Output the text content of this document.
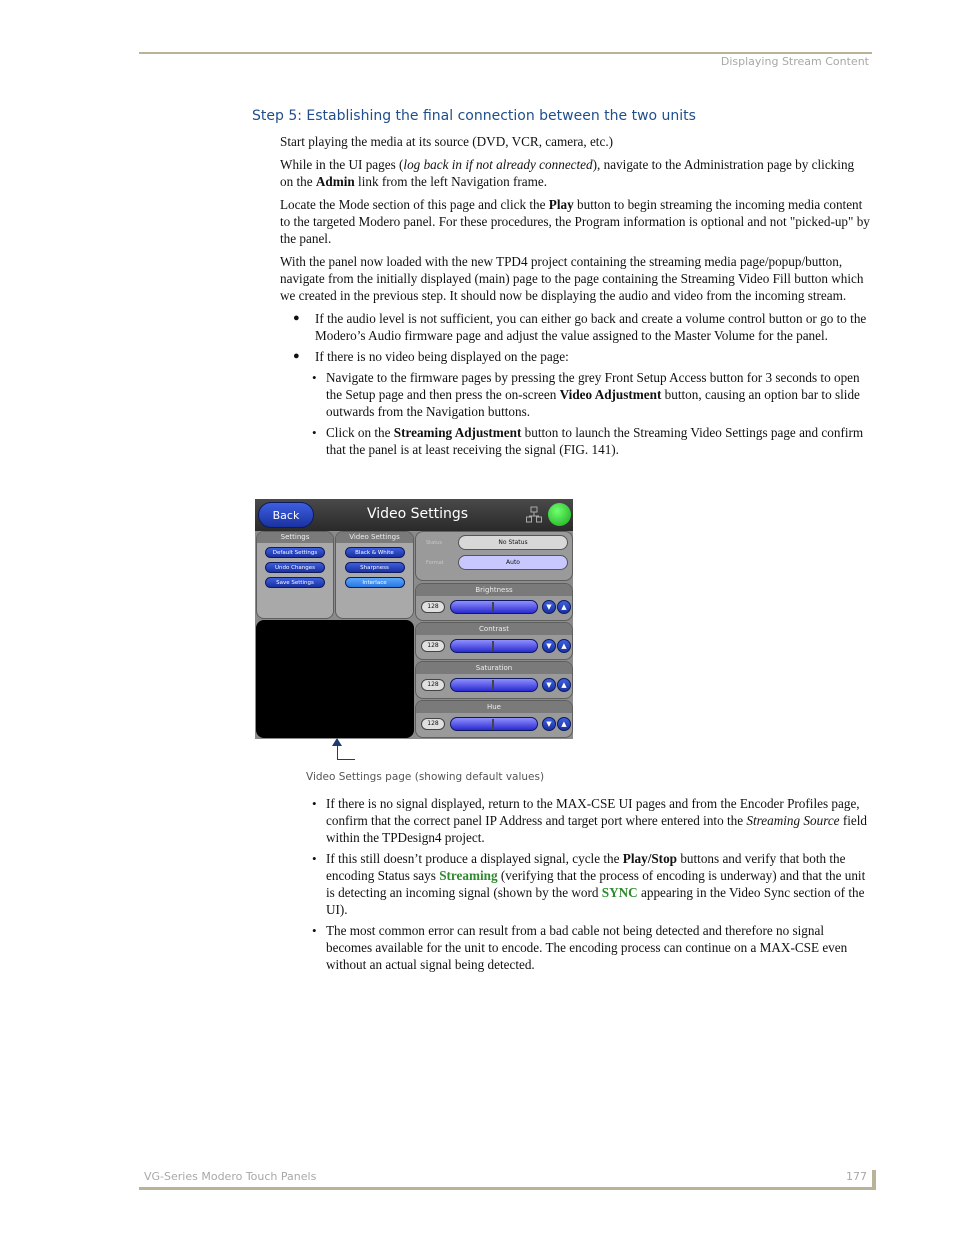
Displaying Stream Content
Step 5: Establishing the final connection between the two units

Start playing the media at its source (DVD, VCR, camera, etc.)

While in the UI pages (log back in if not already connected), navigate to the Administration page by clicking on the Admin link from the left Navigation frame.

Locate the Mode section of this page and click the Play button to begin streaming the incoming media content to the targeted Modero panel. For these procedures, the Program information is optional and not "picked-up" by the panel.

With the panel now loaded with the new TPD4 project containing the streaming media page/popup/button, navigate from the initially displayed (main) page to the page containing the Streaming Video Fill button which we created in the previous step. It should now be displaying the audio and video from the incoming stream.

● If the audio level is not sufficient, you can either go back and create a volume control button or go to the Modero’s Audio firmware page and adjust the value assigned to the Master Volume for the panel.
● If there is no video being displayed on the page:
• Navigate to the firmware pages by pressing the grey Front Setup Access button for 3 seconds to open the Setup page and then press the on-screen Video Adjustment button, causing an option bar to slide outwards from the Navigation buttons.
• Click on the Streaming Adjustment button to launch the Streaming Video Settings page and confirm that the panel is at least receiving the signal (FIG. 141).
Back	Video Settings
Settings
Default Settings
Undo Changes
Save Settings
Video Settings
Black & White
Sharpness
Interlace
Status	No Status
Format	Auto
Brightness
128	▼	▲
Contrast
128	▼	▲
Saturation
128	▼	▲
Hue
128	▼	▲
Video Settings page (showing default values)
• If there is no signal displayed, return to the MAX-CSE UI pages and from the Encoder Profiles page, confirm that the correct panel IP Address and target port where entered into the Streaming Source field within the TPDesign4 project.
• If this still doesn’t produce a displayed signal, cycle the Play/Stop buttons and verify that both the encoding Status says Streaming (verifying that the process of encoding is underway) and that the unit is detecting an incoming signal (shown by the word SYNC appearing in the Video Sync section of the UI).
• The most common error can result from a bad cable not being detected and therefore no signal becomes available for the unit to encode. The encoding process can continue on a MAX-CSE even without an actual signal being detected.
VG-Series Modero Touch Panels	177
